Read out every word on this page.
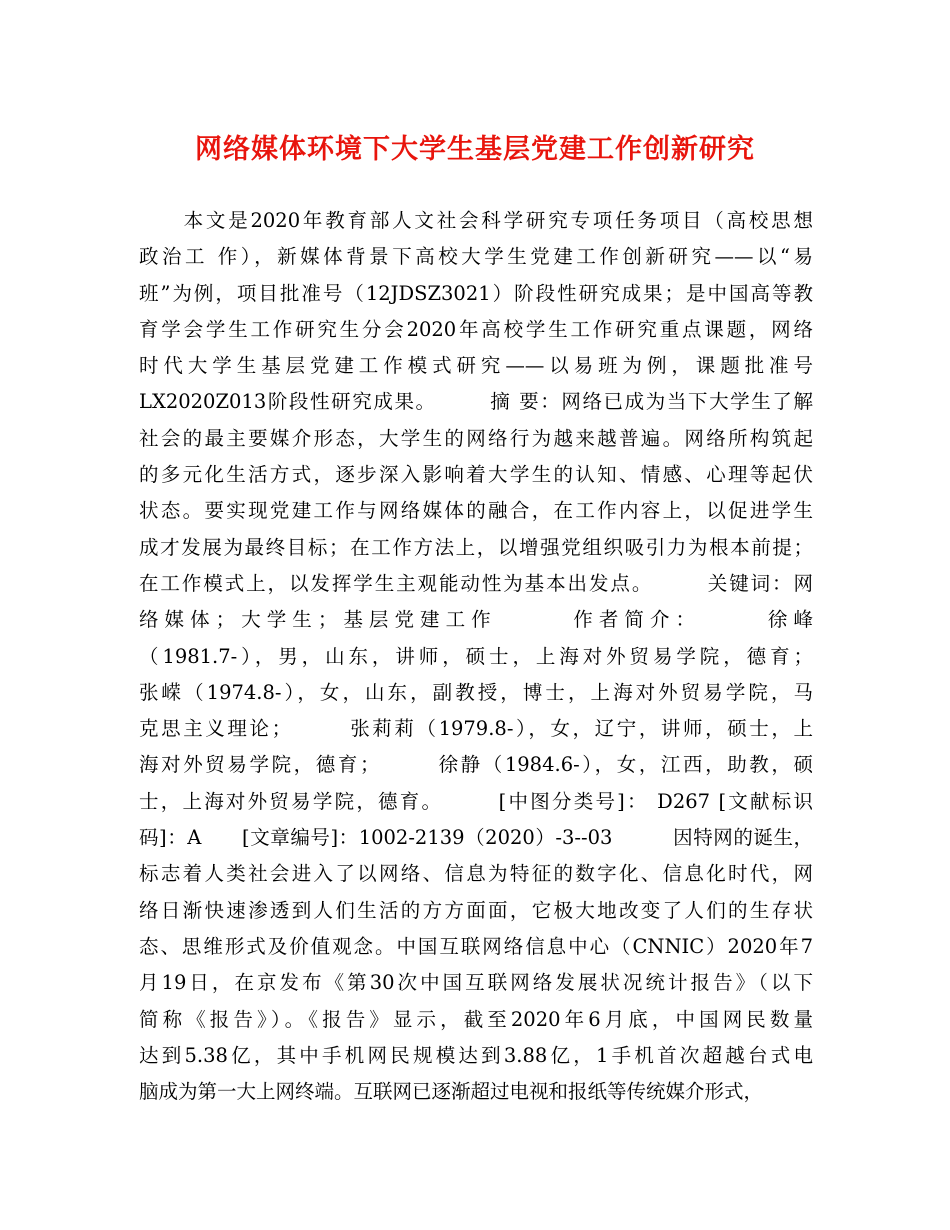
网络媒体环境下大学生基层党建工作创新研究
　　本文是2020年教育部人文社会科学研究专项任务项目（高校思想
政治工 作），新媒体背景下高校大学生党建工作创新研究——以“易
班”为例，项目批准号（12JDSZ3021）阶段性研究成果；是中国高等教
育学会学生工作研究生分会2020年高校学生工作研究重点课题，网络
时代大学生基层党建工作模式研究——以易班为例，课题批准号
LX2020Z013阶段性研究成果。　　　摘 要：网络已成为当下大学生了解
社会的最主要媒介形态，大学生的网络行为越来越普遍。网络所构筑起
的多元化生活方式，逐步深入影响着大学生的认知、情感、心理等起伏
状态。要实现党建工作与网络媒体的融合，在工作内容上，以促进学生
成才发展为最终目标；在工作方法上，以增强党组织吸引力为根本前提；
在工作模式上，以发挥学生主观能动性为基本出发点。　　　关键词：网
络媒体；大学生；基层党建工作　　　作者简介：　　　徐峰
（1981.7-），男，山东，讲师，硕士，上海对外贸易学院，德育；
张嵘（1974.8-），女，山东，副教授，博士，上海对外贸易学院，马
克思主义理论；　　　张莉莉（1979.8-），女，辽宁，讲师，硕士，上
海对外贸易学院，德育；　　　徐静（1984.6-），女，江西，助教，硕
士，上海对外贸易学院，德育。　　　[中图分类号]： D267 [文献标识
码]：A　　[文章编号]：1002-2139（2020）-3--03　　　因特网的诞生，
标志着人类社会进入了以网络、信息为特征的数字化、信息化时代，网
络日渐快速渗透到人们生活的方方面面，它极大地改变了人们的生存状
态、思维形式及价值观念。中国互联网络信息中心（CNNIC）2020年7
月19日，在京发布《第30次中国互联网络发展状况统计报告》（以下
简称《报告》）。《报告》显示，截至2020年6月底，中国网民数量
达到5.38亿，其中手机网民规模达到3.88亿，1手机首次超越台式电
脑成为第一大上网终端。互联网已逐渐超过电视和报纸等传统媒介形式，
